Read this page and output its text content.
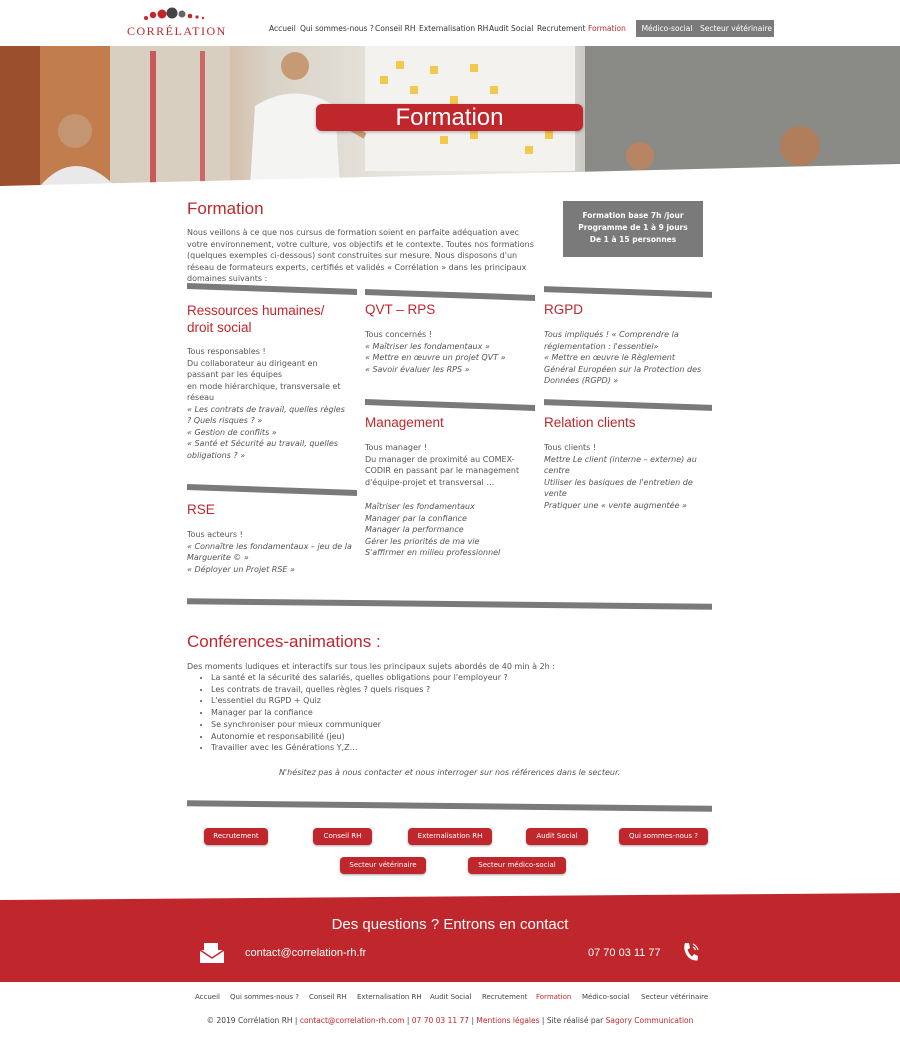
CORRÉLATION	Accueil Qui sommes-nous ? Conseil RH Externalisation RH Audit Social Recrutement Formation	Médico-social	Secteur vétérinaire
Formation
Formation

Nous veillons à ce que nos cursus de formation soient en parfaite adéquation avec votre environnement, votre culture, vos objectifs et le contexte. Toutes nos formations (quelques exemples ci-dessous) sont construites sur mesure. Nous disposons d'un réseau de formateurs experts, certifiés et validés « Corrélation » dans les principaux domaines suivants :

Formation base 7h /jour
Programme de 1 à 9 jours
De 1 à 15 personnes
Ressources humaines/ droit social
Tous responsables !
Du collaborateur au dirigeant en passant par les équipes
en mode hiérarchique, transversale et réseau
« Les contrats de travail, quelles règles ? Quels risques ? »
« Gestion de conflits »
« Santé et Sécurité au travail, quelles obligations ? »
QVT – RPS
Tous concernés !
« Maîtriser les fondamentaux »
« Mettre en œuvre un projet QVT »
« Savoir évaluer les RPS »
RGPD
Tous impliqués ! « Comprendre la réglementation : l'essentiel»
« Mettre en œuvre le Règlement Général Européen sur la Protection des Données (RGPD) »
Management
Tous manager !
Du manager de proximité au COMEX-CODIR en passant par le management d'équipe-projet et transversal …
Maîtriser les fondamentaux
Manager par la confiance
Manager la performance
Gérer les priorités de ma vie
S'affirmer en milieu professionnel
Relation clients
Tous clients !
Mettre Le client (interne – externe) au centre
Utiliser les basiques de l'entretien de vente
Pratiquer une « vente augmentée »
RSE
Tous acteurs !
« Connaître les fondamentaux – jeu de la Marguerite © »
« Déployer un Projet RSE »
Conférences-animations :

Des moments ludiques et interactifs sur tous les principaux sujets abordés de 40 min à 2h :

• La santé et la sécurité des salariés, quelles obligations pour l'employeur ?
• Les contrats de travail, quelles règles ? quels risques ?
• L'essentiel du RGPD + Quiz
• Manager par la confiance
• Se synchroniser pour mieux communiquer
• Autonomie et responsabilité (jeu)
• Travailler avec les Générations Y,Z…

N'hésitez pas à nous contacter et nous interroger sur nos références dans le secteur.

Recrutement	Conseil RH	Externalisation RH	Audit Social	Qui sommes-nous ?
Secteur vétérinaire	Secteur médico-social
Des questions ? Entrons en contact
contact@correlation-rh.fr	07 70 03 11 77
Accueil Qui sommes-nous ? Conseil RH Externalisation RH Audit Social Recrutement Formation Médico-social Secteur vétérinaire
© 2019 Corrélation RH | contact@correlation-rh.com | 07 70 03 11 77 | Mentions légales | Site réalisé par Sagory Communication
